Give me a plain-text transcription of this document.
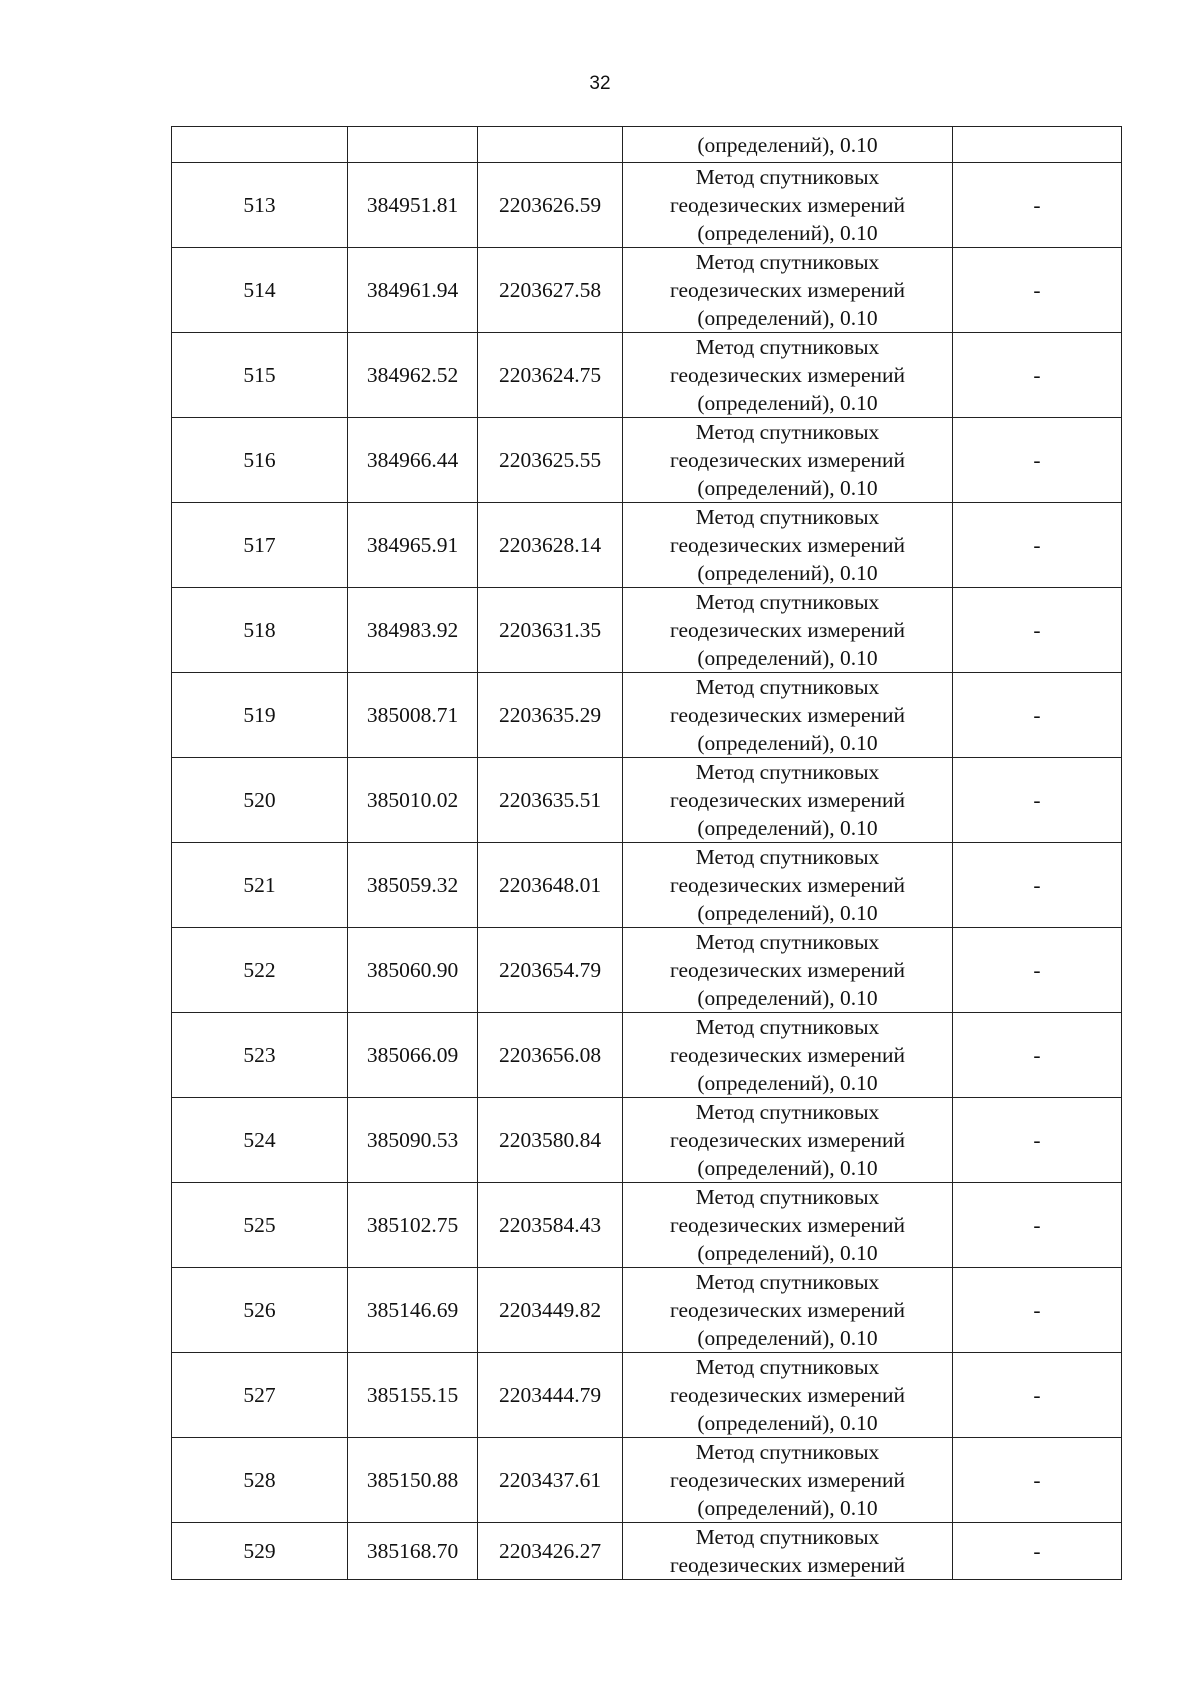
32
			(определений), 0.10	
513	384951.81	2203626.59	Метод спутниковых
геодезических измерений
(определений), 0.10	-
514	384961.94	2203627.58	Метод спутниковых
геодезических измерений
(определений), 0.10	-
515	384962.52	2203624.75	Метод спутниковых
геодезических измерений
(определений), 0.10	-
516	384966.44	2203625.55	Метод спутниковых
геодезических измерений
(определений), 0.10	-
517	384965.91	2203628.14	Метод спутниковых
геодезических измерений
(определений), 0.10	-
518	384983.92	2203631.35	Метод спутниковых
геодезических измерений
(определений), 0.10	-
519	385008.71	2203635.29	Метод спутниковых
геодезических измерений
(определений), 0.10	-
520	385010.02	2203635.51	Метод спутниковых
геодезических измерений
(определений), 0.10	-
521	385059.32	2203648.01	Метод спутниковых
геодезических измерений
(определений), 0.10	-
522	385060.90	2203654.79	Метод спутниковых
геодезических измерений
(определений), 0.10	-
523	385066.09	2203656.08	Метод спутниковых
геодезических измерений
(определений), 0.10	-
524	385090.53	2203580.84	Метод спутниковых
геодезических измерений
(определений), 0.10	-
525	385102.75	2203584.43	Метод спутниковых
геодезических измерений
(определений), 0.10	-
526	385146.69	2203449.82	Метод спутниковых
геодезических измерений
(определений), 0.10	-
527	385155.15	2203444.79	Метод спутниковых
геодезических измерений
(определений), 0.10	-
528	385150.88	2203437.61	Метод спутниковых
геодезических измерений
(определений), 0.10	-
529	385168.70	2203426.27	Метод спутниковых
геодезических измерений	-
